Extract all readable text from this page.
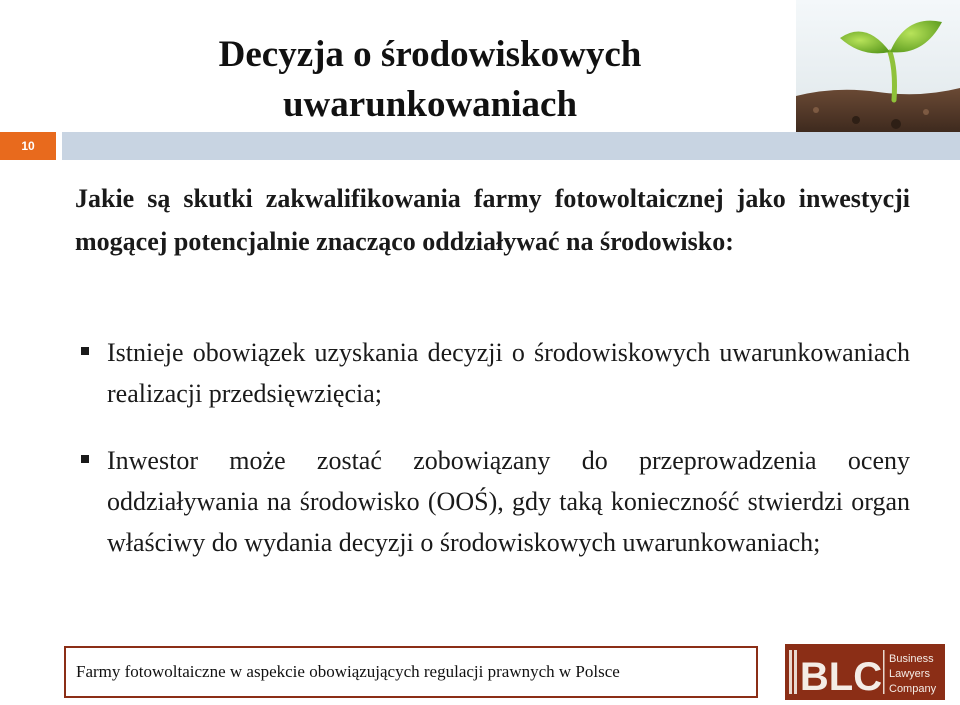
Decyzja o środowiskowych
uwarunkowaniach
10
Jakie są skutki zakwalifikowania farmy fotowoltaicznej jako inwestycji mogącej potencjalnie znacząco oddziaływać na środowisko:
Istnieje obowiązek uzyskania decyzji o środowiskowych uwarunkowaniach realizacji przedsięwzięcia;
Inwestor może zostać zobowiązany do przeprowadzenia oceny oddziaływania na środowisko (OOŚ), gdy taką konieczność stwierdzi organ właściwy do wydania decyzji o środowiskowych uwarunkowaniach;
Farmy fotowoltaiczne w aspekcie obowiązujących regulacji prawnych w Polsce	BLC Business
Lawyers
Company
